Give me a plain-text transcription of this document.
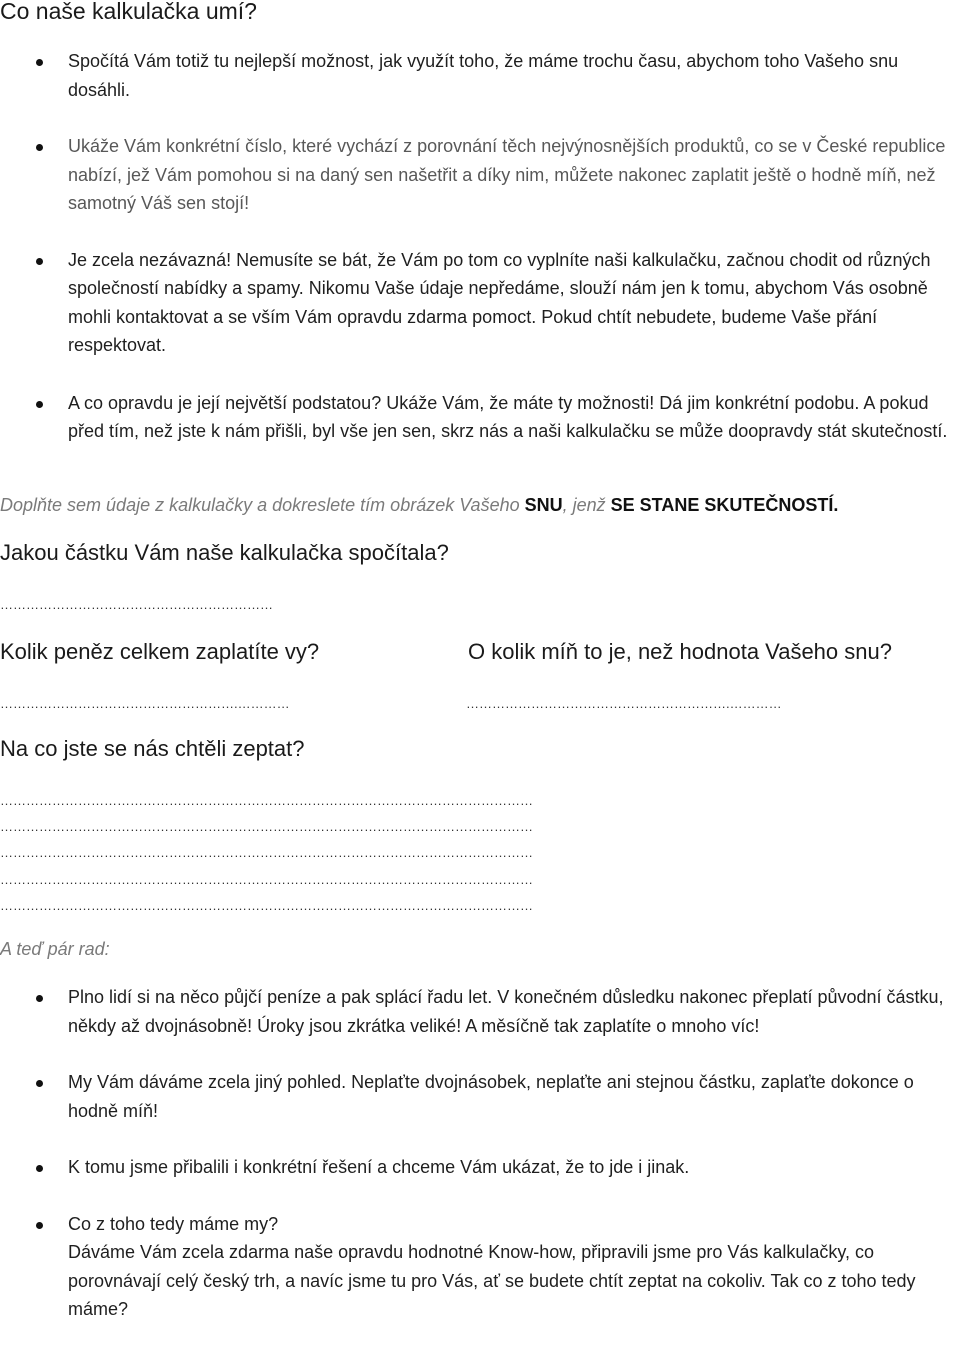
Co naše kalkulačka umí?
Spočítá Vám totiž tu nejlepší možnost, jak využít toho, že máme trochu času, abychom toho Vašeho snu dosáhli.
Ukáže Vám konkrétní číslo, které vychází z porovnání těch nejvýnosnějších produktů, co se v České republice nabízí, jež Vám pomohou si na daný sen našetřit a díky nim, můžete nakonec zaplatit ještě o hodně míň, než samotný Váš sen stojí!
Je zcela nezávazná! Nemusíte se bát, že Vám po tom co vyplníte naši kalkulačku, začnou chodit od různých společností nabídky a spamy. Nikomu Vaše údaje nepředáme, slouží nám jen k tomu, abychom Vás osobně mohli kontaktovat a se vším Vám opravdu zdarma pomoct. Pokud chtít nebudete, budeme Vaše přání respektovat.
A co opravdu je její největší podstatou? Ukáže Vám, že máte ty možnosti! Dá jim konkrétní podobu. A pokud před tím, než jste k nám přišli, byl vše jen sen, skrz nás a naši kalkulačku se může doopravdy stát skutečností.
Doplňte sem údaje z kalkulačky a dokreslete tím obrázek Vašeho SNU, jenž SE STANE SKUTEČNOSTÍ.
Jakou částku Vám naše kalkulačka spočítala?
………………………………………………………
Kolik peněz celkem zaplatíte vy?	O kolik míň to je, než hodnota Vašeho snu?
……………………………………………….…………	…………………………………………………….…………
Na co jste se nás chtěli zeptat?
……………………………………………………………………………………………………………
……………………………………………………………………………………………………………
……………………………………………………………………………………………………………
……………………………………………………………………………………………………………
……………………………………………………………………………………………………………
A teď pár rad:
Plno lidí si na něco půjčí peníze a pak splácí řadu let. V konečném důsledku nakonec přeplatí původní částku, někdy až dvojnásobně! Úroky jsou zkrátka veliké! A měsíčně tak zaplatíte o mnoho víc!
My Vám dáváme zcela jiný pohled. Neplaťte dvojnásobek, neplaťte ani stejnou částku, zaplaťte dokonce o hodně míň!
K tomu jsme přibalili i konkrétní řešení a chceme Vám ukázat, že to jde i jinak.
Co z toho tedy máme my?
Dáváme Vám zcela zdarma naše opravdu hodnotné Know-how, připravili jsme pro Vás kalkulačky, co porovnávají celý český trh, a navíc jsme tu pro Vás, ať se budete chtít zeptat na cokoliv. Tak co z toho tedy máme?
